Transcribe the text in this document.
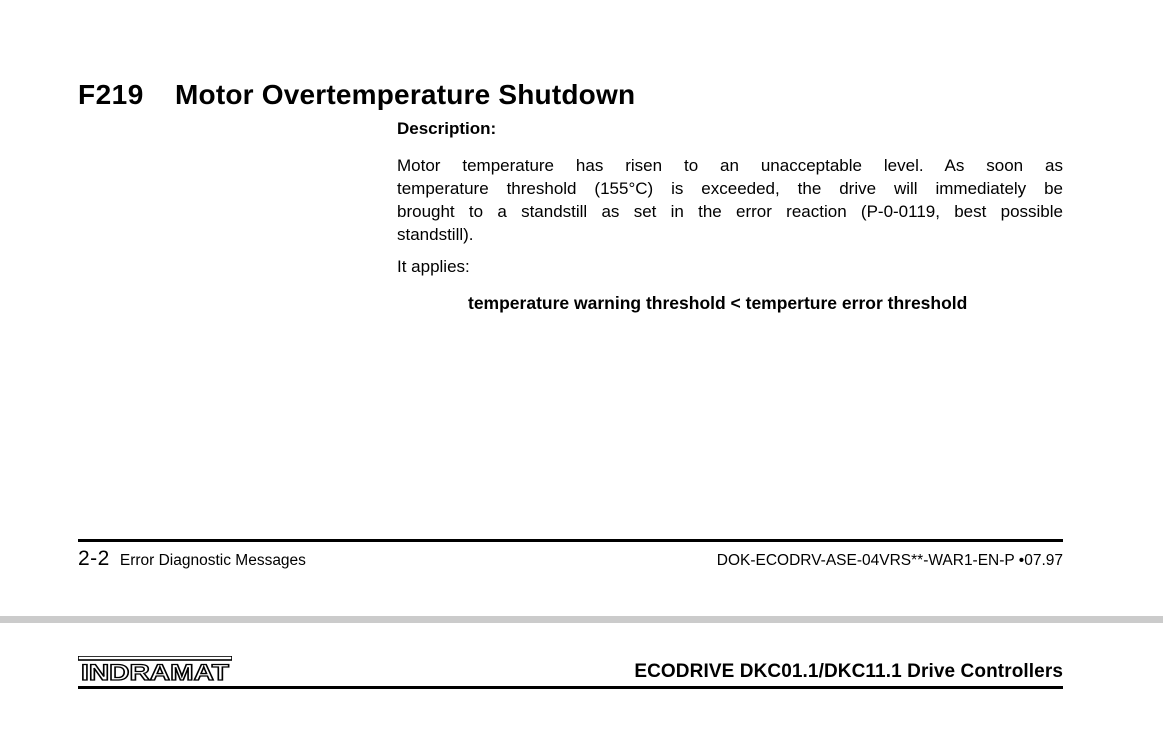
F219 Motor Overtemperature Shutdown
Description:
Motor temperature has risen to an unacceptable level. As soon as
temperature threshold (155°C) is exceeded, the drive will immediately be
brought to a standstill as set in the error reaction (P-0-0119, best possible
standstill).
It applies:
temperature warning threshold < temperture error threshold
2-2 Error Diagnostic Messages	DOK-ECODRV-ASE-04VRS**-WAR1-EN-P •07.97
INDRAMAT	ECODRIVE DKC01.1/DKC11.1 Drive Controllers
